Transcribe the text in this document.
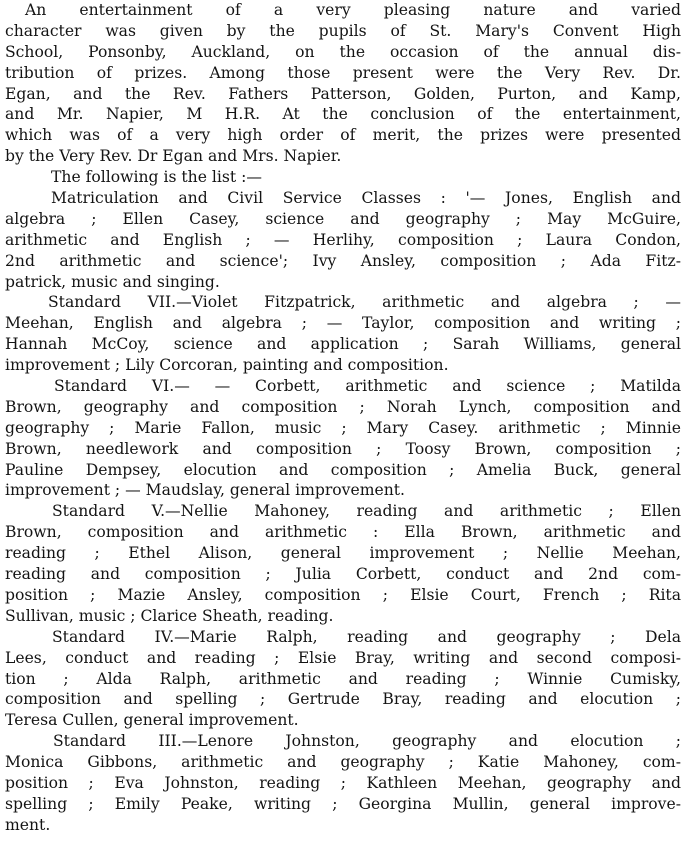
An entertainment of a very pleasing nature and varied
character was given by the pupils of St. Mary's Convent High
School, Ponsonby, Auckland, on the occasion of the annual dis-
tribution of prizes. Among those present were the Very Rev. Dr.
Egan, and the Rev. Fathers Patterson, Golden, Purton, and Kamp,
and Mr. Napier, M H.R. At the conclusion of the entertainment,
which was of a very high order of merit, the prizes were presented
by the Very Rev. Dr Egan and Mrs. Napier.
The following is the list :—
Matriculation and Civil Service Classes : '— Jones, English and
algebra ; Ellen Casey, science and geography ; May McGuire,
arithmetic and English ; — Herlihy, composition ; Laura Condon,
2nd arithmetic and science'; Ivy Ansley, composition ; Ada Fitz-
patrick, music and singing.
Standard VII.—Violet Fitzpatrick, arithmetic and algebra ; —
Meehan, English and algebra ; — Taylor, composition and writing ;
Hannah McCoy, science and application ; Sarah Williams, general
improvement ; Lily Corcoran, painting and composition.
Standard VI.— — Corbett, arithmetic and science ; Matilda
Brown, geography and composition ; Norah Lynch, composition and
geography ; Marie Fallon, music ; Mary Casey. arithmetic ; Minnie
Brown, needlework and composition ; Toosy Brown, composition ;
Pauline Dempsey, elocution and composition ; Amelia Buck, general
improvement ; — Maudslay, general improvement.
Standard V.—Nellie Mahoney, reading and arithmetic ; Ellen
Brown, composition and arithmetic : Ella Brown, arithmetic and
reading ; Ethel Alison, general improvement ; Nellie Meehan,
reading and composition ; Julia Corbett, conduct and 2nd com-
position ; Mazie Ansley, composition ; Elsie Court, French ; Rita
Sullivan, music ; Clarice Sheath, reading.
Standard IV.—Marie Ralph, reading and geography ; Dela
Lees, conduct and reading ; Elsie Bray, writing and second composi-
tion ; Alda Ralph, arithmetic and reading ; Winnie Cumisky,
composition and spelling ; Gertrude Bray, reading and elocution ;
Teresa Cullen, general improvement.
Standard III.—Lenore Johnston, geography and elocution ;
Monica Gibbons, arithmetic and geography ; Katie Mahoney, com-
position ; Eva Johnston, reading ; Kathleen Meehan, geography and
spelling ; Emily Peake, writing ; Georgina Mullin, general improve-
ment.
